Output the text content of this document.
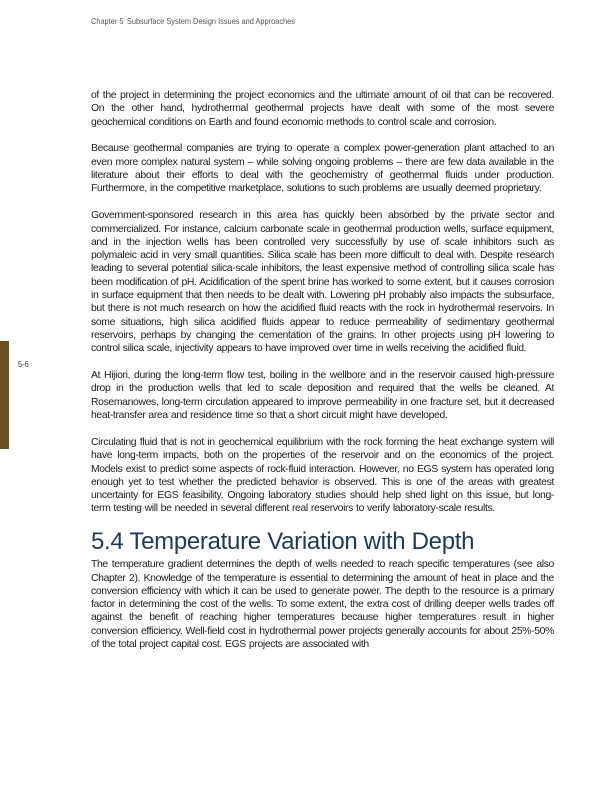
Chapter 5 Subsurface System Design Issues and Approaches
5-6

of the project in determining the project economics and the ultimate amount of oil that can be recovered. On the other hand, hydrothermal geothermal projects have dealt with some of the most severe geochemical conditions on Earth and found economic methods to control scale and corrosion.

Because geothermal companies are trying to operate a complex power-generation plant attached to an even more complex natural system – while solving ongoing problems – there are few data available in the literature about their efforts to deal with the geochemistry of geothermal fluids under production. Furthermore, in the competitive marketplace, solutions to such problems are usually deemed proprietary.

Government-sponsored research in this area has quickly been absorbed by the private sector and commercialized. For instance, calcium carbonate scale in geothermal production wells, surface equipment, and in the injection wells has been controlled very successfully by use of scale inhibitors such as polymaleic acid in very small quantities. Silica scale has been more difficult to deal with. Despite research leading to several potential silica-scale inhibitors, the least expensive method of controlling silica scale has been modification of pH. Acidification of the spent brine has worked to some extent, but it causes corrosion in surface equipment that then needs to be dealt with. Lowering pH probably also impacts the subsurface, but there is not much research on how the acidified fluid reacts with the rock in hydrothermal reservoirs. In some situations, high silica acidified fluids appear to reduce permeability of sedimentary geothermal reservoirs, perhaps by changing the cementation of the grains. In other projects using pH lowering to control silica scale, injectivity appears to have improved over time in wells receiving the acidified fluid.

At Hijiori, during the long-term flow test, boiling in the wellbore and in the reservoir caused high-pressure drop in the production wells that led to scale deposition and required that the wells be cleaned. At Rosemanowes, long-term circulation appeared to improve permeability in one fracture set, but it decreased heat-transfer area and residence time so that a short circuit might have developed.

Circulating fluid that is not in geochemical equilibrium with the rock forming the heat exchange system will have long-term impacts, both on the properties of the reservoir and on the economics of the project. Models exist to predict some aspects of rock-fluid interaction. However, no EGS system has operated long enough yet to test whether the predicted behavior is observed. This is one of the areas with greatest uncertainty for EGS feasibility. Ongoing laboratory studies should help shed light on this issue, but long-term testing will be needed in several different real reservoirs to verify laboratory-scale results.

5.4 Temperature Variation with Depth

The temperature gradient determines the depth of wells needed to reach specific temperatures (see also Chapter 2). Knowledge of the temperature is essential to determining the amount of heat in place and the conversion efficiency with which it can be used to generate power. The depth to the resource is a primary factor in determining the cost of the wells. To some extent, the extra cost of drilling deeper wells trades off against the benefit of reaching higher temperatures because higher temperatures result in higher conversion efficiency. Well-field cost in hydrothermal power projects generally accounts for about 25%-50% of the total project capital cost. EGS projects are associated with
